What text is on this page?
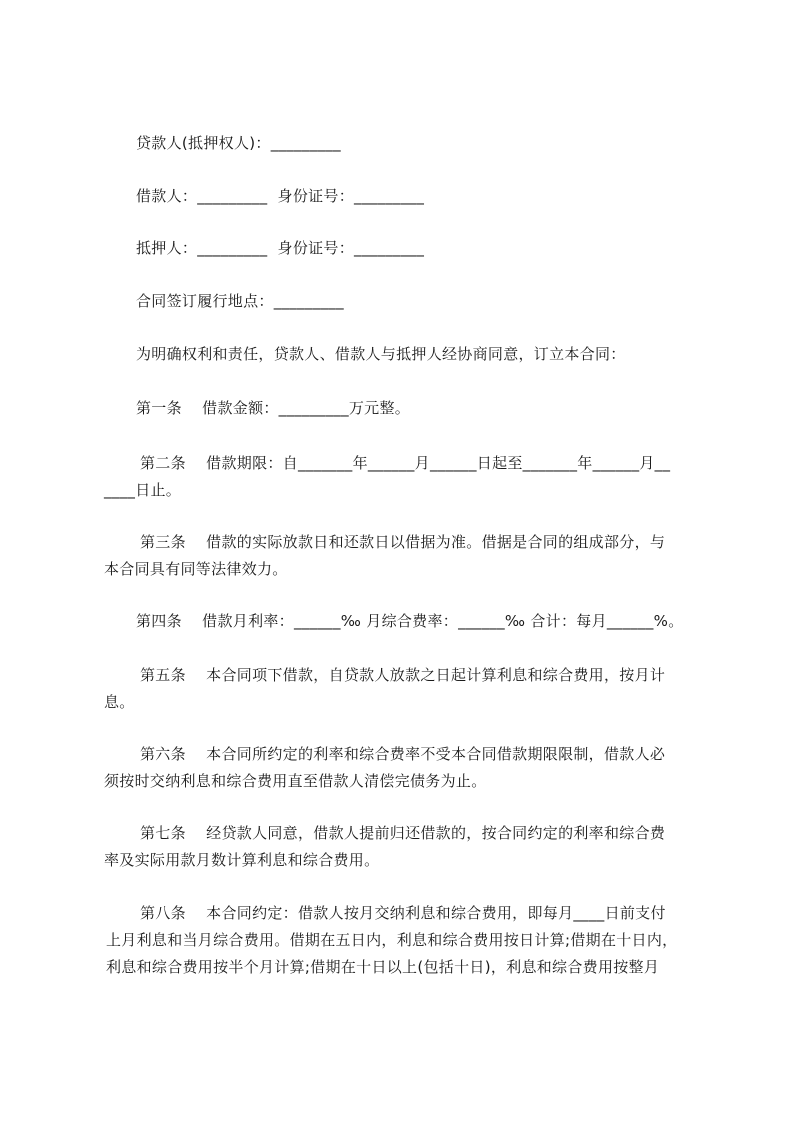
贷款人(抵押权人)：_________
借款人：_________  身份证号：_________
抵押人：_________  身份证号：_________
合同签订履行地点：_________
为明确权利和责任，贷款人、借款人与抵押人经协商同意，订立本合同：
第一条    借款金额：_________万元整。
第二条    借款期限：自_______年______月______日起至_______年______月__
____日止。
第三条    借款的实际放款日和还款日以借据为准。借据是合同的组成部分，与
本合同具有同等法律效力。
第四条    借款月利率：______‰ 月综合费率：______‰ 合计：每月______%。
第五条    本合同项下借款，自贷款人放款之日起计算利息和综合费用，按月计
息。
第六条    本合同所约定的利率和综合费率不受本合同借款期限限制，借款人必
须按时交纳利息和综合费用直至借款人清偿完债务为止。
第七条    经贷款人同意，借款人提前归还借款的，按合同约定的利率和综合费
率及实际用款月数计算利息和综合费用。
第八条    本合同约定：借款人按月交纳利息和综合费用，即每月____日前支付
上月利息和当月综合费用。借期在五日内，利息和综合费用按日计算;借期在十日内，
利息和综合费用按半个月计算;借期在十日以上(包括十日)，利息和综合费用按整月
